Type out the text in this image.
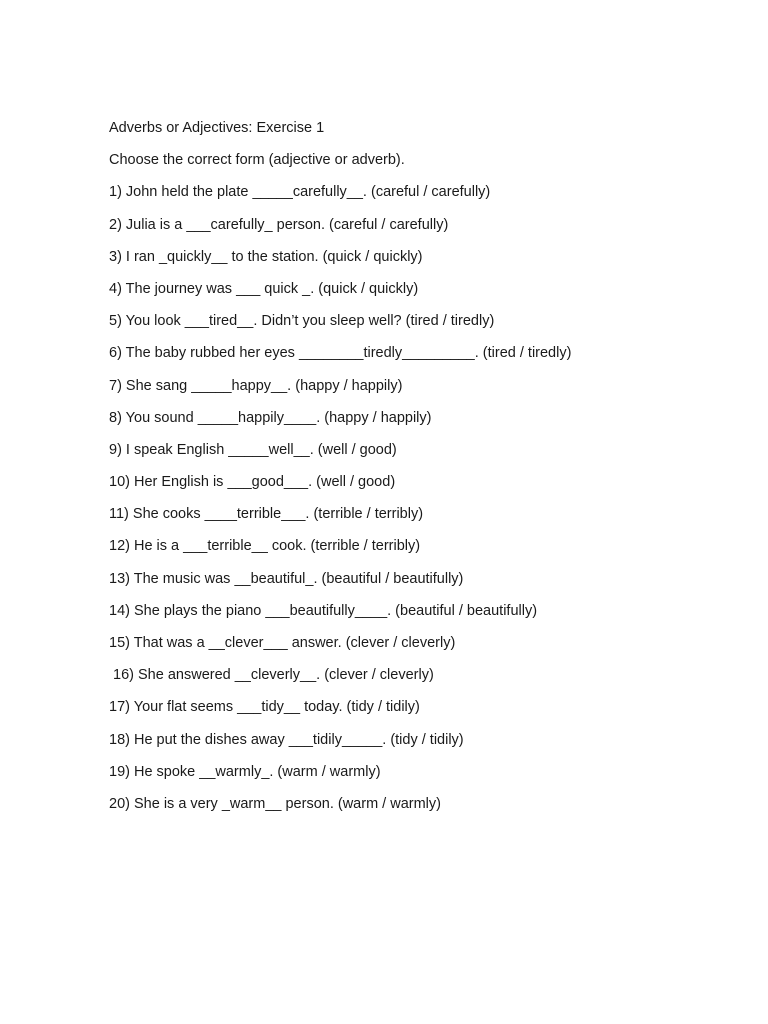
Adverbs or Adjectives: Exercise 1
Choose the correct form (adjective or adverb).
1) John held the plate _____carefully__. (careful / carefully)
2) Julia is a ___carefully_ person. (careful / carefully)
3) I ran _quickly__ to the station. (quick / quickly)
4) The journey was ___ quick _. (quick / quickly)
5) You look ___tired__. Didn’t you sleep well? (tired / tiredly)
6) The baby rubbed her eyes ________tiredly_________. (tired / tiredly)
7) She sang _____happy__. (happy / happily)
8) You sound _____happily____. (happy / happily)
9) I speak English _____well__. (well / good)
10) Her English is ___good___. (well / good)
11) She cooks ____terrible___. (terrible / terribly)
12) He is a ___terrible__ cook. (terrible / terribly)
13) The music was __beautiful_. (beautiful / beautifully)
14) She plays the piano ___beautifully____. (beautiful / beautifully)
15) That was a __clever___ answer. (clever / cleverly)
16) She answered __cleverly__. (clever / cleverly)
17) Your flat seems ___tidy__ today. (tidy / tidily)
18) He put the dishes away ___tidily_____. (tidy / tidily)
19) He spoke __warmly_. (warm / warmly)
20) She is a very _warm__ person. (warm / warmly)
